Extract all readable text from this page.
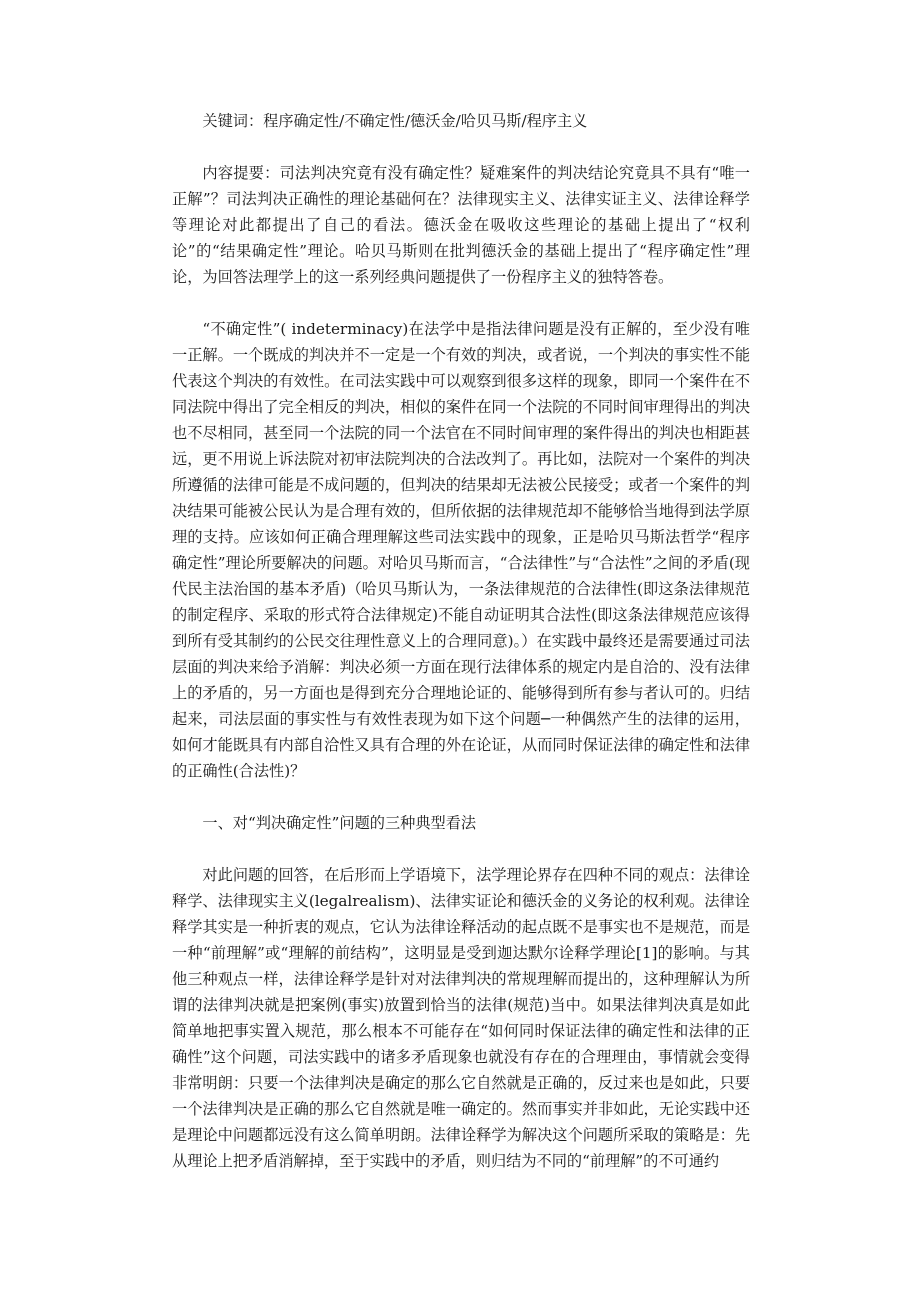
关键词：程序确定性/不确定性/德沃金/哈贝马斯/程序主义

内容提要：司法判决究竟有没有确定性？疑难案件的判决结论究竟具不具有“唯一正解”？司法判决正确性的理论基础何在？法律现实主义、法律实证主义、法律诠释学等理论对此都提出了自己的看法。德沃金在吸收这些理论的基础上提出了“权利论”的“结果确定性”理论。哈贝马斯则在批判德沃金的基础上提出了“程序确定性”理论，为回答法理学上的这一系列经典问题提供了一份程序主义的独特答卷。

“不确定性”( indeterminacy)在法学中是指法律问题是没有正解的，至少没有唯一正解。一个既成的判决并不一定是一个有效的判决，或者说，一个判决的事实性不能代表这个判决的有效性。在司法实践中可以观察到很多这样的现象，即同一个案件在不同法院中得出了完全相反的判决，相似的案件在同一个法院的不同时间审理得出的判决也不尽相同，甚至同一个法院的同一个法官在不同时间审理的案件得出的判决也相距甚远，更不用说上诉法院对初审法院判决的合法改判了。再比如，法院对一个案件的判决所遵循的法律可能是不成问题的，但判决的结果却无法被公民接受；或者一个案件的判决结果可能被公民认为是合理有效的，但所依据的法律规范却不能够恰当地得到法学原理的支持。应该如何正确合理理解这些司法实践中的现象，正是哈贝马斯法哲学“程序确定性”理论所要解决的问题。对哈贝马斯而言，“合法律性”与“合法性”之间的矛盾(现代民主法治国的基本矛盾)（哈贝马斯认为，一条法律规范的合法律性(即这条法律规范的制定程序、采取的形式符合法律规定)不能自动证明其合法性(即这条法律规范应该得到所有受其制约的公民交往理性意义上的合理同意)。）在实践中最终还是需要通过司法层面的判决来给予消解：判决必须一方面在现行法律体系的规定内是自洽的、没有法律上的矛盾的，另一方面也是得到充分合理地论证的、能够得到所有参与者认可的。归结起来，司法层面的事实性与有效性表现为如下这个问题─一种偶然产生的法律的运用，如何才能既具有内部自洽性又具有合理的外在论证，从而同时保证法律的确定性和法律的正确性(合法性)？

一、对“判决确定性”问题的三种典型看法

对此问题的回答，在后形而上学语境下，法学理论界存在四种不同的观点：法律诠释学、法律现实主义(legalrealism)、法律实证论和德沃金的义务论的权利观。法律诠释学其实是一种折衷的观点，它认为法律诠释活动的起点既不是事实也不是规范，而是一种“前理解”或“理解的前结构”，这明显是受到迦达默尔诠释学理论[1]的影响。与其他三种观点一样，法律诠释学是针对对法律判决的常规理解而提出的，这种理解认为所谓的法律判决就是把案例(事实)放置到恰当的法律(规范)当中。如果法律判决真是如此简单地把事实置入规范，那么根本不可能存在“如何同时保证法律的确定性和法律的正确性”这个问题，司法实践中的诸多矛盾现象也就没有存在的合理理由，事情就会变得非常明朗：只要一个法律判决是确定的那么它自然就是正确的，反过来也是如此，只要一个法律判决是正确的那么它自然就是唯一确定的。然而事实并非如此，无论实践中还是理论中问题都远没有这么简单明朗。法律诠释学为解决这个问题所采取的策略是：先从理论上把矛盾消解掉，至于实践中的矛盾，则归结为不同的“前理解”的不可通约
